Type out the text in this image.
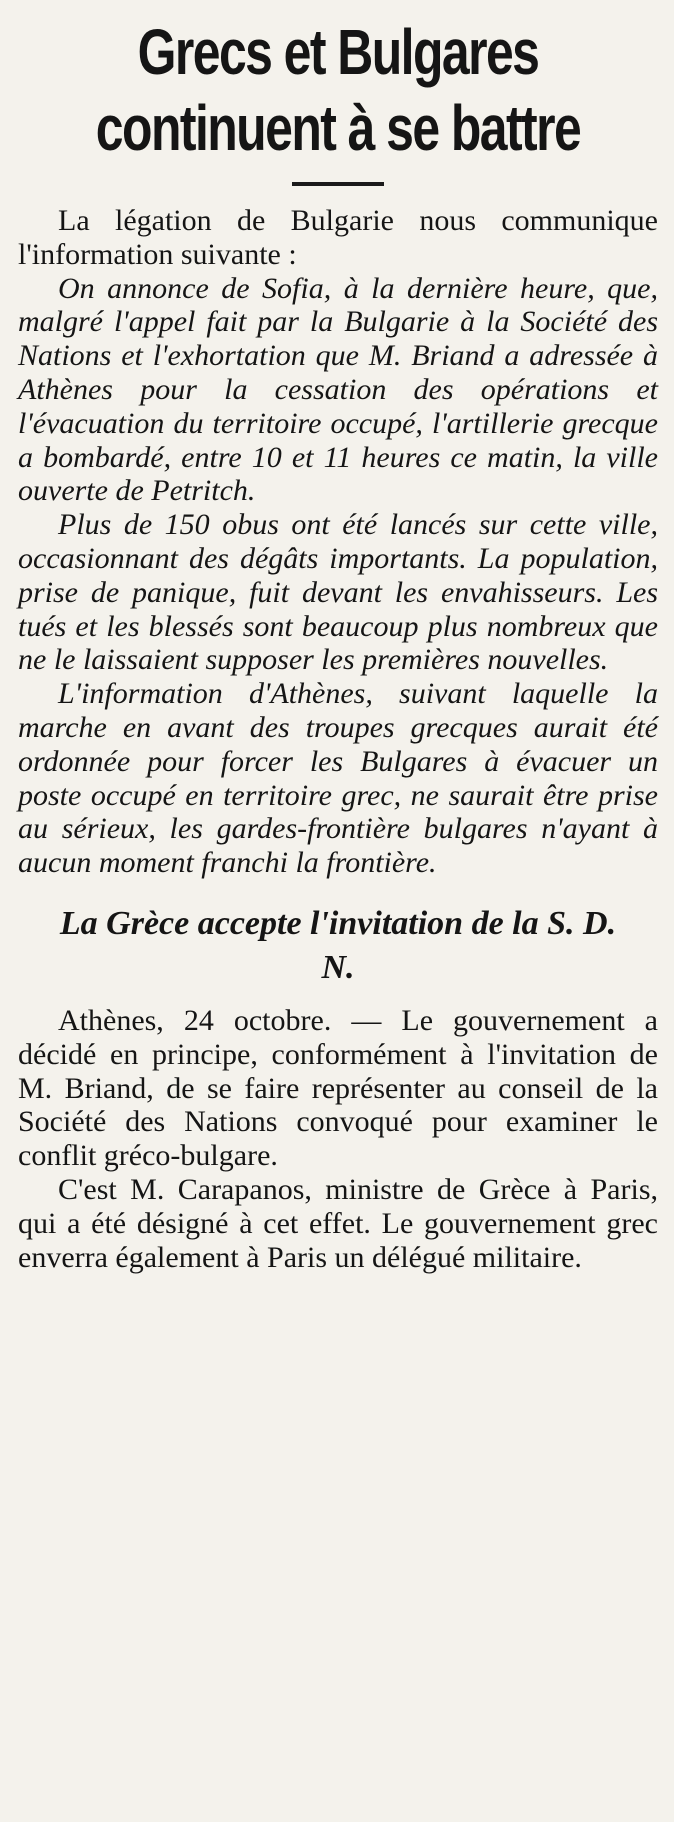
Grecs et Bulgares continuent à se battre

La légation de Bulgarie nous communique l'information suivante :

On annonce de Sofia, à la dernière heure, que, malgré l'appel fait par la Bulgarie à la Société des Nations et l'exhortation que M. Briand a adressée à Athènes pour la cessation des opérations et l'évacuation du territoire occupé, l'artillerie grecque a bombardé, entre 10 et 11 heures ce matin, la ville ouverte de Petritch.

Plus de 150 obus ont été lancés sur cette ville, occasionnant des dégâts importants. La population, prise de panique, fuit devant les envahisseurs. Les tués et les blessés sont beaucoup plus nombreux que ne le laissaient supposer les premières nouvelles.

L'information d'Athènes, suivant laquelle la marche en avant des troupes grecques aurait été ordonnée pour forcer les Bulgares à évacuer un poste occupé en territoire grec, ne saurait être prise au sérieux, les gardes-frontière bulgares n'ayant à aucun moment franchi la frontière.

La Grèce accepte l'invitation de la S. D. N.

Athènes, 24 octobre. — Le gouvernement a décidé en principe, conformément à l'invitation de M. Briand, de se faire représenter au conseil de la Société des Nations convoqué pour examiner le conflit gréco-bulgare.

C'est M. Carapanos, ministre de Grèce à Paris, qui a été désigné à cet effet. Le gouvernement grec enverra également à Paris un délégué militaire.
